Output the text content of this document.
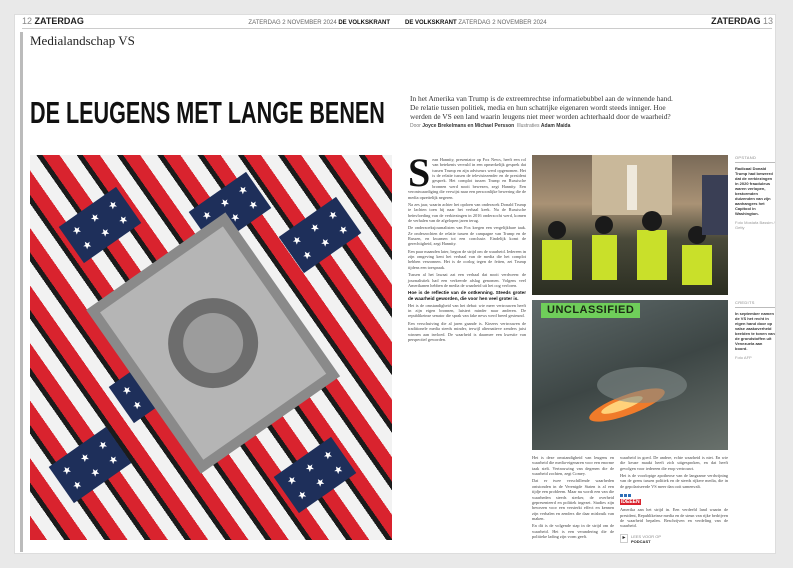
12 ZATERDAG	ZATERDAG 2 NOVEMBER 2024 DE VOLKSKRANT	DE VOLKSKRANT ZATERDAG 2 NOVEMBER 2024	ZATERDAG 13
Medialandschap VS
DE LEUGENS MET LANGE BENEN	In het Amerika van Trump is de extreemrechtse informatiebubbel aan de winnende hand. De relatie tussen politiek, media en hun schatrijke eigenaren wordt steeds inniger. Hoe werden de VS een land waarin leugens niet meer worden achterhaald door de waarheid?
Door Joyce Brekelmans en Michael Persson Illustraties Adam Maida
S ean Hannity, presentator op Fox News, heeft een rol van betekenis vervuld in een opmerkelijk gesprek dat tussen Trump en zijn adviseurs werd opgenomen. Het is de relatie tussen de televisiezender en de president gesprek. Het complot tussen Trump en Russische bronnen werd nooit bewezen, zegt Hannity. Een verontwaardiging die verwijst naar een persoonlijke bewering die de media opzettelijk negeren.

Na zes jaar, waarin achter het opdoen van onderzoek Donald Trump te lachten toen hij naar het verhaal keek. Nu de Russische beïnvloeding van de verkiezingen in 2016 onderzocht werd, komen de verhalen van de afgelopen jaren terug.

De onderzoeksjournalisten van Fox kregen een vergelijkbare taak. Ze onderzochten de relatie tussen de campagne van Trump en de Russen, en kwamen tot een conclusie. Eindelijk komt de gerechtigheid, zegt Hannity.

Een paar maanden later, begon de strijd om de waarheid. Iedereen in zijn omgeving kent het verhaal van de media die het complot hebben verzonnen. Het is de oorlog tegen de feiten, zei Trump tijdens een toespraak.

Tussen al het lawaai zat een verhaal dat nooit verdween: de journalistiek had een verkeerde afslag genomen. Volgens veel Amerikanen hebben de media de waarheid uit het oog verloren.

Hoe is de reflectie van de ontkenning. Steeds groter de waarheid geworden, die voor hen veel groter is.

Het is de omstandigheid van het debat: wie meer vertrouwen heeft in zijn eigen bronnen, luistert minder naar anderen. De republikeinse senator die sprak van fake news werd breed gesteund.

Een verschuiving die al jaren gaande is. Kiezers vertrouwen de traditionele media steeds minder, terwijl alternatieve zenders juist winnen aan invloed. De waarheid is daarmee een kwestie van perspectief geworden.

UNCLASSIFIED
OPSTAND
Radicaal Donald Trump had beweerd dat de verkiezingen in 2020 frauduleus waren verlopen, bestormden duizenden van zijn aanhangers het Capitool in Washington.
Foto Mostafa Bassim / Getty
CREDITS
In september namen de VS het recht in eigen hand door op valse zaakoverheid beelden te tonen van de grondstoffen uit Venezuela aan boord.
Foto AFP

Het is deze omstandigheid van leugens en waarheid die media-eigenaren voor een enorme taak stelt. Vertrouwing van degenen die de waarheid zochten, zegt Comey.

Dat er twee verschillende waarheden ontstonden in de Verenigde Staten is al een tijdje een probleem. Maar nu wordt een van die waarheden steeds sterker, de overheid gepresenteerd en politiek ingezet. Studies zijn bewezen voor een versterkt effect en kennen zijn verhalen en zenders die daar misbruik van maken.

En dit is de volgende stap in de strijd om de waarheid. Het is een verandering die de politieke lading zijn vorm geeft.

waarheid in goed. De andere, echte waarheid is niet. En wie die keuze maakt heeft zich uitgesproken, en dat heeft gevolgen voor iedereen die erop vertrouwt.

Het is de voorlopige apotheose van de langzame verdwijning van de grens tussen politiek en de steeds rijkere media, die in de gepolariseerde VS meer dan ooit samenvalt.

IDEEËN

Amerika aan het strijd in. Een verdeeld land waarin de president, Republikeinse media en de steun van rijke bedrijven de waarheid bepalen. Beschrijven en verdeling van de waarheid.

▸	LEES VOOR OP
PODCAST
